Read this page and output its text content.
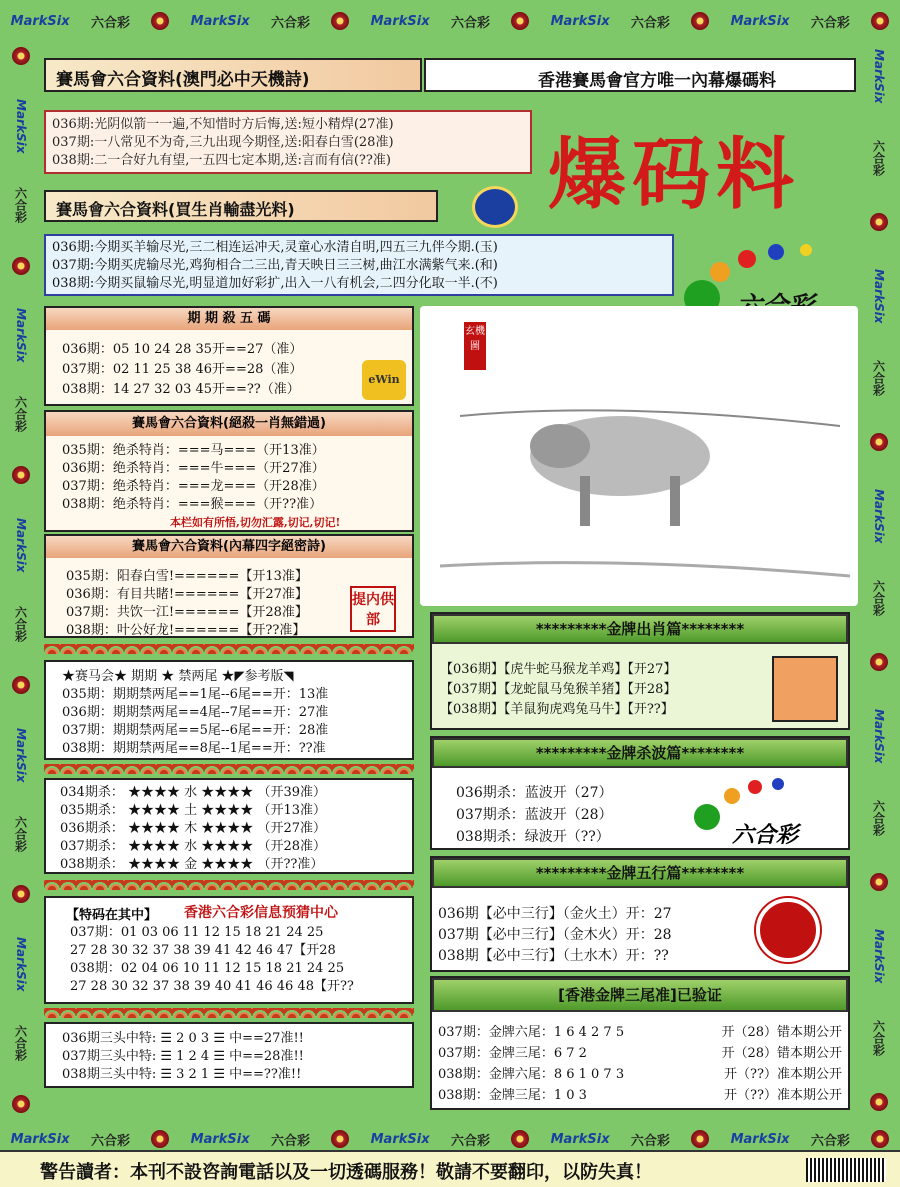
MarkSix 六合彩	MarkSix 六合彩	MarkSix 六合彩	MarkSix 六合彩	MarkSix 六合彩
MarkSix 六合彩	MarkSix 六合彩	MarkSix 六合彩	MarkSix 六合彩	MarkSix 六合彩
MarkSix
六合彩
MarkSix
六合彩
MarkSix
六合彩
MarkSix
六合彩
MarkSix
六合彩
MarkSix
六合彩
MarkSix
六合彩
MarkSix
六合彩
MarkSix
六合彩
MarkSix
六合彩
賽馬會六合資料(澳門必中天機詩)	香港賽馬會官方唯一內幕爆碼料
036期:光阴似箭一一遍,不知惜时方后悔,送:短小精焊(27准)
037期:一八常见不为奇,三九出现今期怪,送:阳春白雪(28准)
038期:二一合好九有望,一五四七定本期,送:言而有信(??准) 爆码料
賽馬會六合資料(買生肖輸盡光料)
036期:今期买羊输尽光,三二相连运冲天,灵童心水清自明,四五三九伴今期.(玉)
037期:今期买虎输尽光,鸡狗相合二三出,青天映日三三树,曲江水满紫气来.(和)
038期:今期买鼠输尽光,明显道加好彩扩,出入一八有机会,二四分化取一半.(不)
期 期 殺 五 碼
036期：05 10 24 28 35开==27（准）
037期：02 11 25 38 46开==28（准）
038期：14 27 32 03 45开==??（准）
eWin
賽馬會六合資料(絕殺一肖無錯過)
035期：绝杀特肖：===马===（开13准）
036期：绝杀特肖：===牛===（开27准）
037期：绝杀特肖：===龙===（开28准）
038期：绝杀特肖：===猴===（开??准）
本栏如有所悟,切勿汇露,切记,切记!
賽馬會六合資料(內幕四字絕密詩)
035期：阳春白雪!======【开13准】
036期：有目共睹!======【开27准】
037期：共饮一江!======【开28准】
038期：叶公好龙!======【开??准】
提内供部
★赛马会★ 期期 ★ 禁两尾 ★◤参考版◥
035期：期期禁两尾==1尾--6尾==开：13准
036期：期期禁两尾==4尾--7尾==开：27准
037期：期期禁两尾==5尾--6尾==开：28准
038期：期期禁两尾==8尾--1尾==开：??准
034期杀： ★★★★ 水 ★★★★ （开39准）
035期杀： ★★★★ 土 ★★★★ （开13准）
036期杀： ★★★★ 木 ★★★★ （开27准）
037期杀： ★★★★ 水 ★★★★ （开28准）
038期杀： ★★★★ 金 ★★★★ （开??准）
【特码在其中】 香港六合彩信息预猜中心
037期：01 03 06 11 12 15 18 21 24 25
27 28 30 32 37 38 39 41 42 46 47【开28
038期：02 04 06 10 11 12 15 18 21 24 25
27 28 30 32 37 38 39 40 41 46 46 48【开??
036期三头中特: ☰ 2 0 3 ☰ 中==27准!!
037期三头中特: ☰ 1 2 4 ☰ 中==28准!!
038期三头中特: ☰ 3 2 1 ☰ 中==??准!!
玄機圖
*********金牌出肖篇********
【036期】【虎牛蛇马猴龙羊鸡】【开27】
【037期】【龙蛇鼠马兔猴羊猪】【开28】
【038期】【羊鼠狗虎鸡兔马牛】【开??】
*********金牌杀波篇********
036期杀：蓝波开（27）
037期杀：蓝波开（28）
038期杀：绿波开（??）	六合彩
*********金牌五行篇********
036期【必中三行】（金火土）开：27
037期【必中三行】（金木火）开：28
038期【必中三行】（土水木）开：??
[香港金牌三尾准]已验证
037期：金牌六尾：1 6 4 2 7 5	开（28）错本期公开
037期：金牌三尾：6 7 2	开（28）错本期公开
038期：金牌六尾：8 6 1 0 7 3	开（??）准本期公开
038期：金牌三尾：1 0 3	开（??）准本期公开
警告讀者：本刊不設咨詢電話以及一切透碼服務！敬請不要翻印，以防失真！
